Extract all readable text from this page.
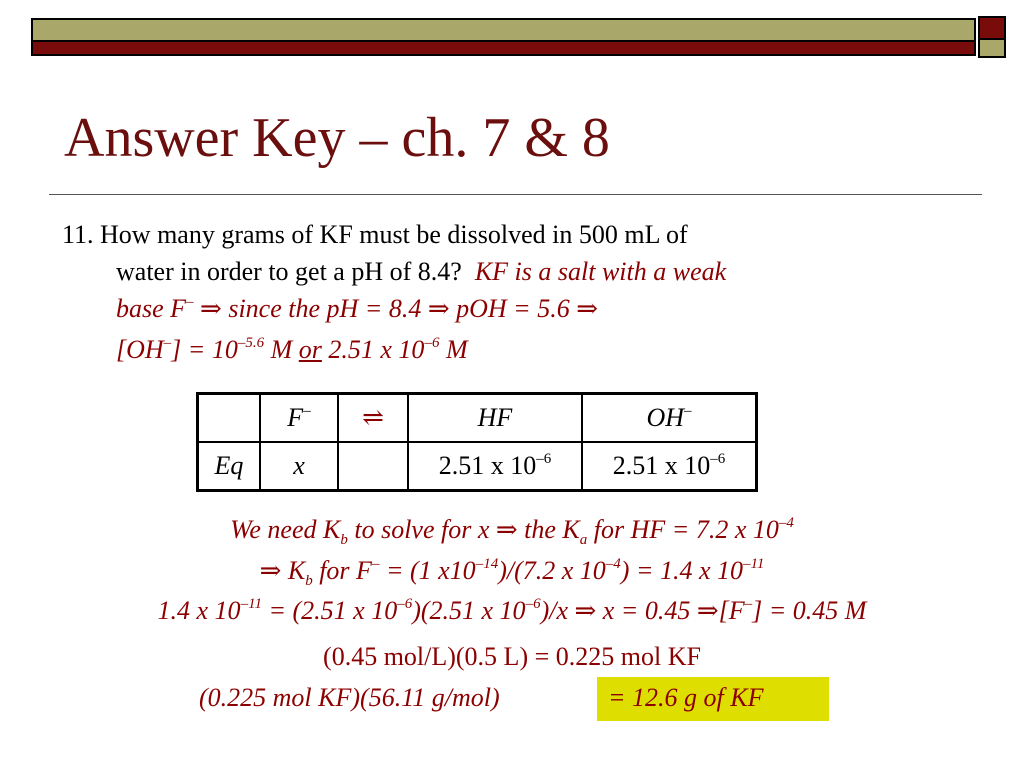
Answer Key – ch. 7 & 8
11. How many grams of KF must be dissolved in 500 mL of
water in order to get a pH of 8.4? KF is a salt with a weak
base F– ⇒ since the pH = 8.4 ⇒ pOH = 5.6 ⇒
$[OH^-] = 10^{-5.6}$ M or 2.51 x $10^{-6}$ M
	F–	⇌	HF	OH–
Eq	x		2.51 x $10^{-6}$	2.51 x $10^{-6}$
We need $K_b$ to solve for x ⇒ the $K_a$ for HF = 7.2 x $10^{-4}$
⇒ $K_b$ for F– = (1 $x10^{-14})/(7.2$ x $10^{-4}) = 1.4$ x $10^{-11}$
1.4 x $10^{-11} = (2.51$ x $10^{-6})(2.51$ x $10^{-6})/x$ ⇒ x = 0.45 ⇒[F–] = 0.45 M
(0.45 mol/L)(0.5 L) = 0.225 mol KF
(0.225 mol KF)(56.11 g/mol)	= 12.6 g of KF
